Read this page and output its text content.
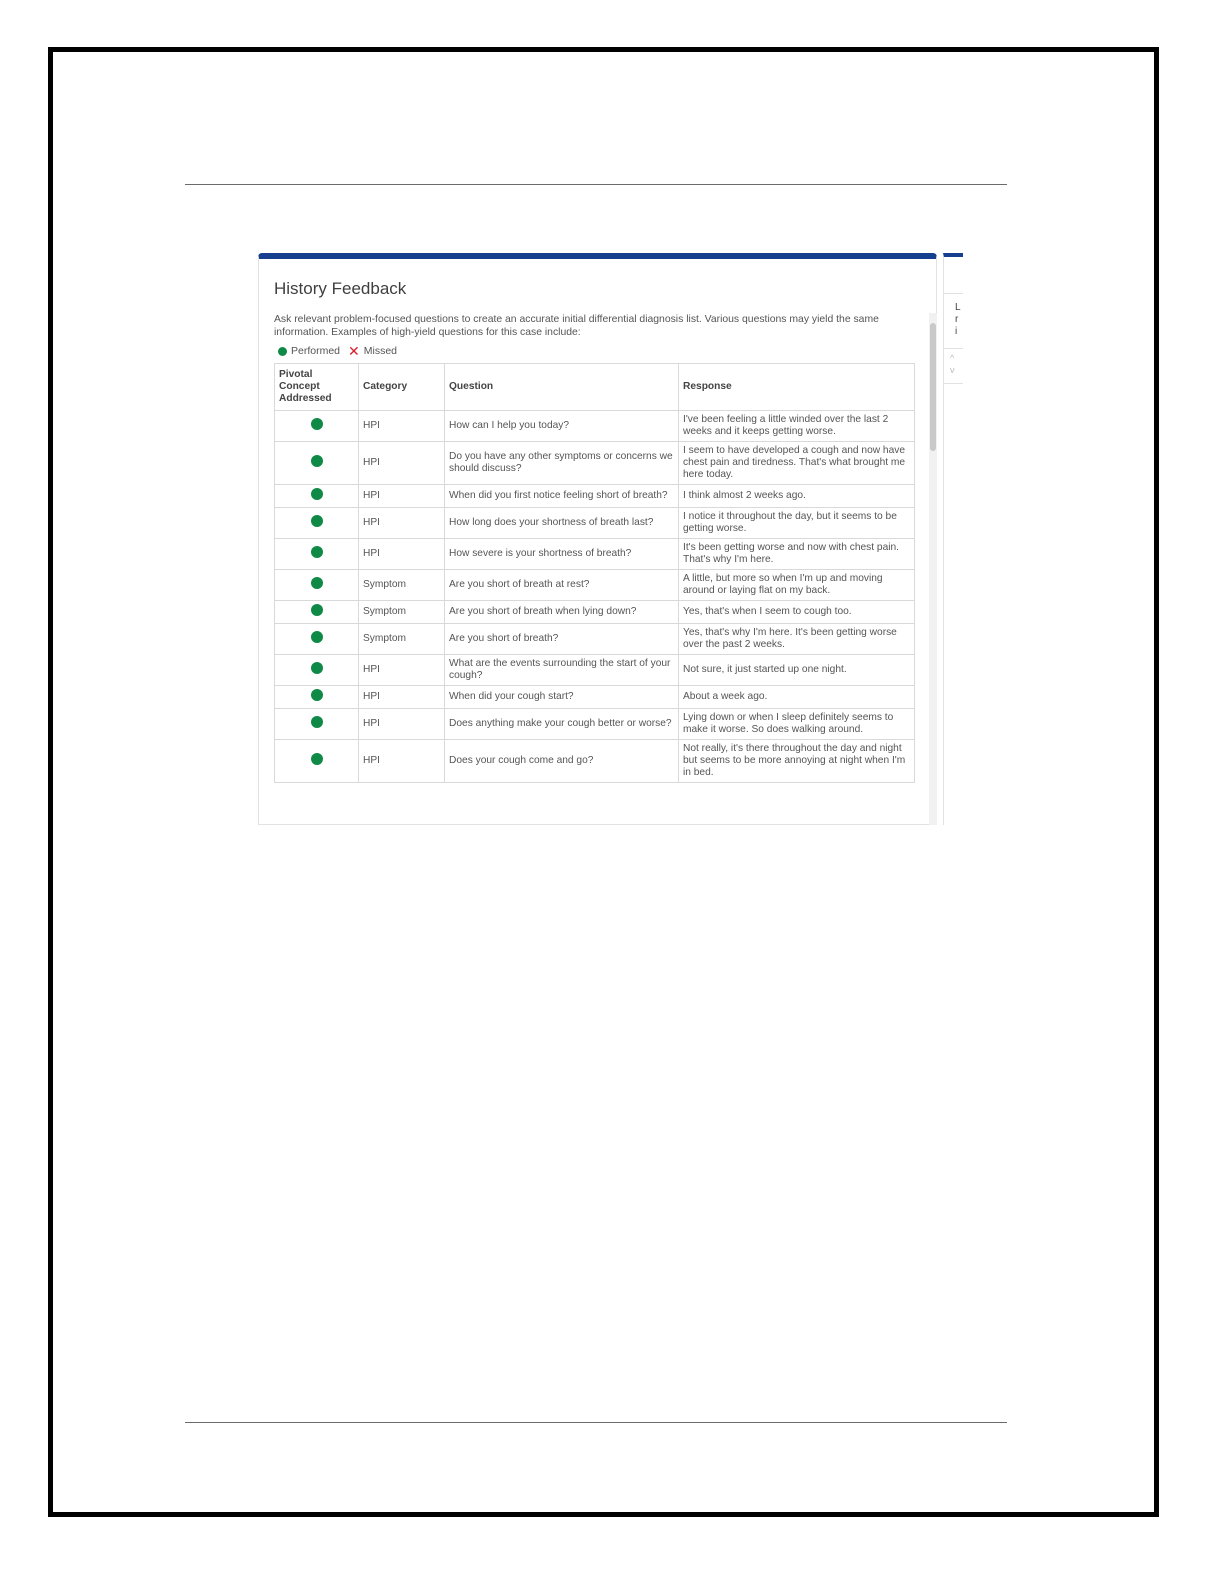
History Feedback

Ask relevant problem-focused questions to create an accurate initial differential diagnosis list. Various questions may yield the same information. Examples of high-yield questions for this case include:

Performed ✕ Missed
Pivotal Concept Addressed	Category	Question	Response
	HPI	How can I help you today?	I've been feeling a little winded over the last 2 weeks and it keeps getting worse.
	HPI	Do you have any other symptoms or concerns we should discuss?	I seem to have developed a cough and now have chest pain and tiredness. That's what brought me here today.
	HPI	When did you first notice feeling short of breath?	I think almost 2 weeks ago.
	HPI	How long does your shortness of breath last?	I notice it throughout the day, but it seems to be getting worse.
	HPI	How severe is your shortness of breath?	It's been getting worse and now with chest pain. That's why I'm here.
	Symptom	Are you short of breath at rest?	A little, but more so when I'm up and moving around or laying flat on my back.
	Symptom	Are you short of breath when lying down?	Yes, that's when I seem to cough too.
	Symptom	Are you short of breath?	Yes, that's why I'm here. It's been getting worse over the past 2 weeks.
	HPI	What are the events surrounding the start of your cough?	Not sure, it just started up one night.
	HPI	When did your cough start?	About a week ago.
	HPI	Does anything make your cough better or worse?	Lying down or when I sleep definitely seems to make it worse. So does walking around.
	HPI	Does your cough come and go?	Not really, it's there throughout the day and night but seems to be more annoying at night when I'm in bed.
L
r
i
^
v
